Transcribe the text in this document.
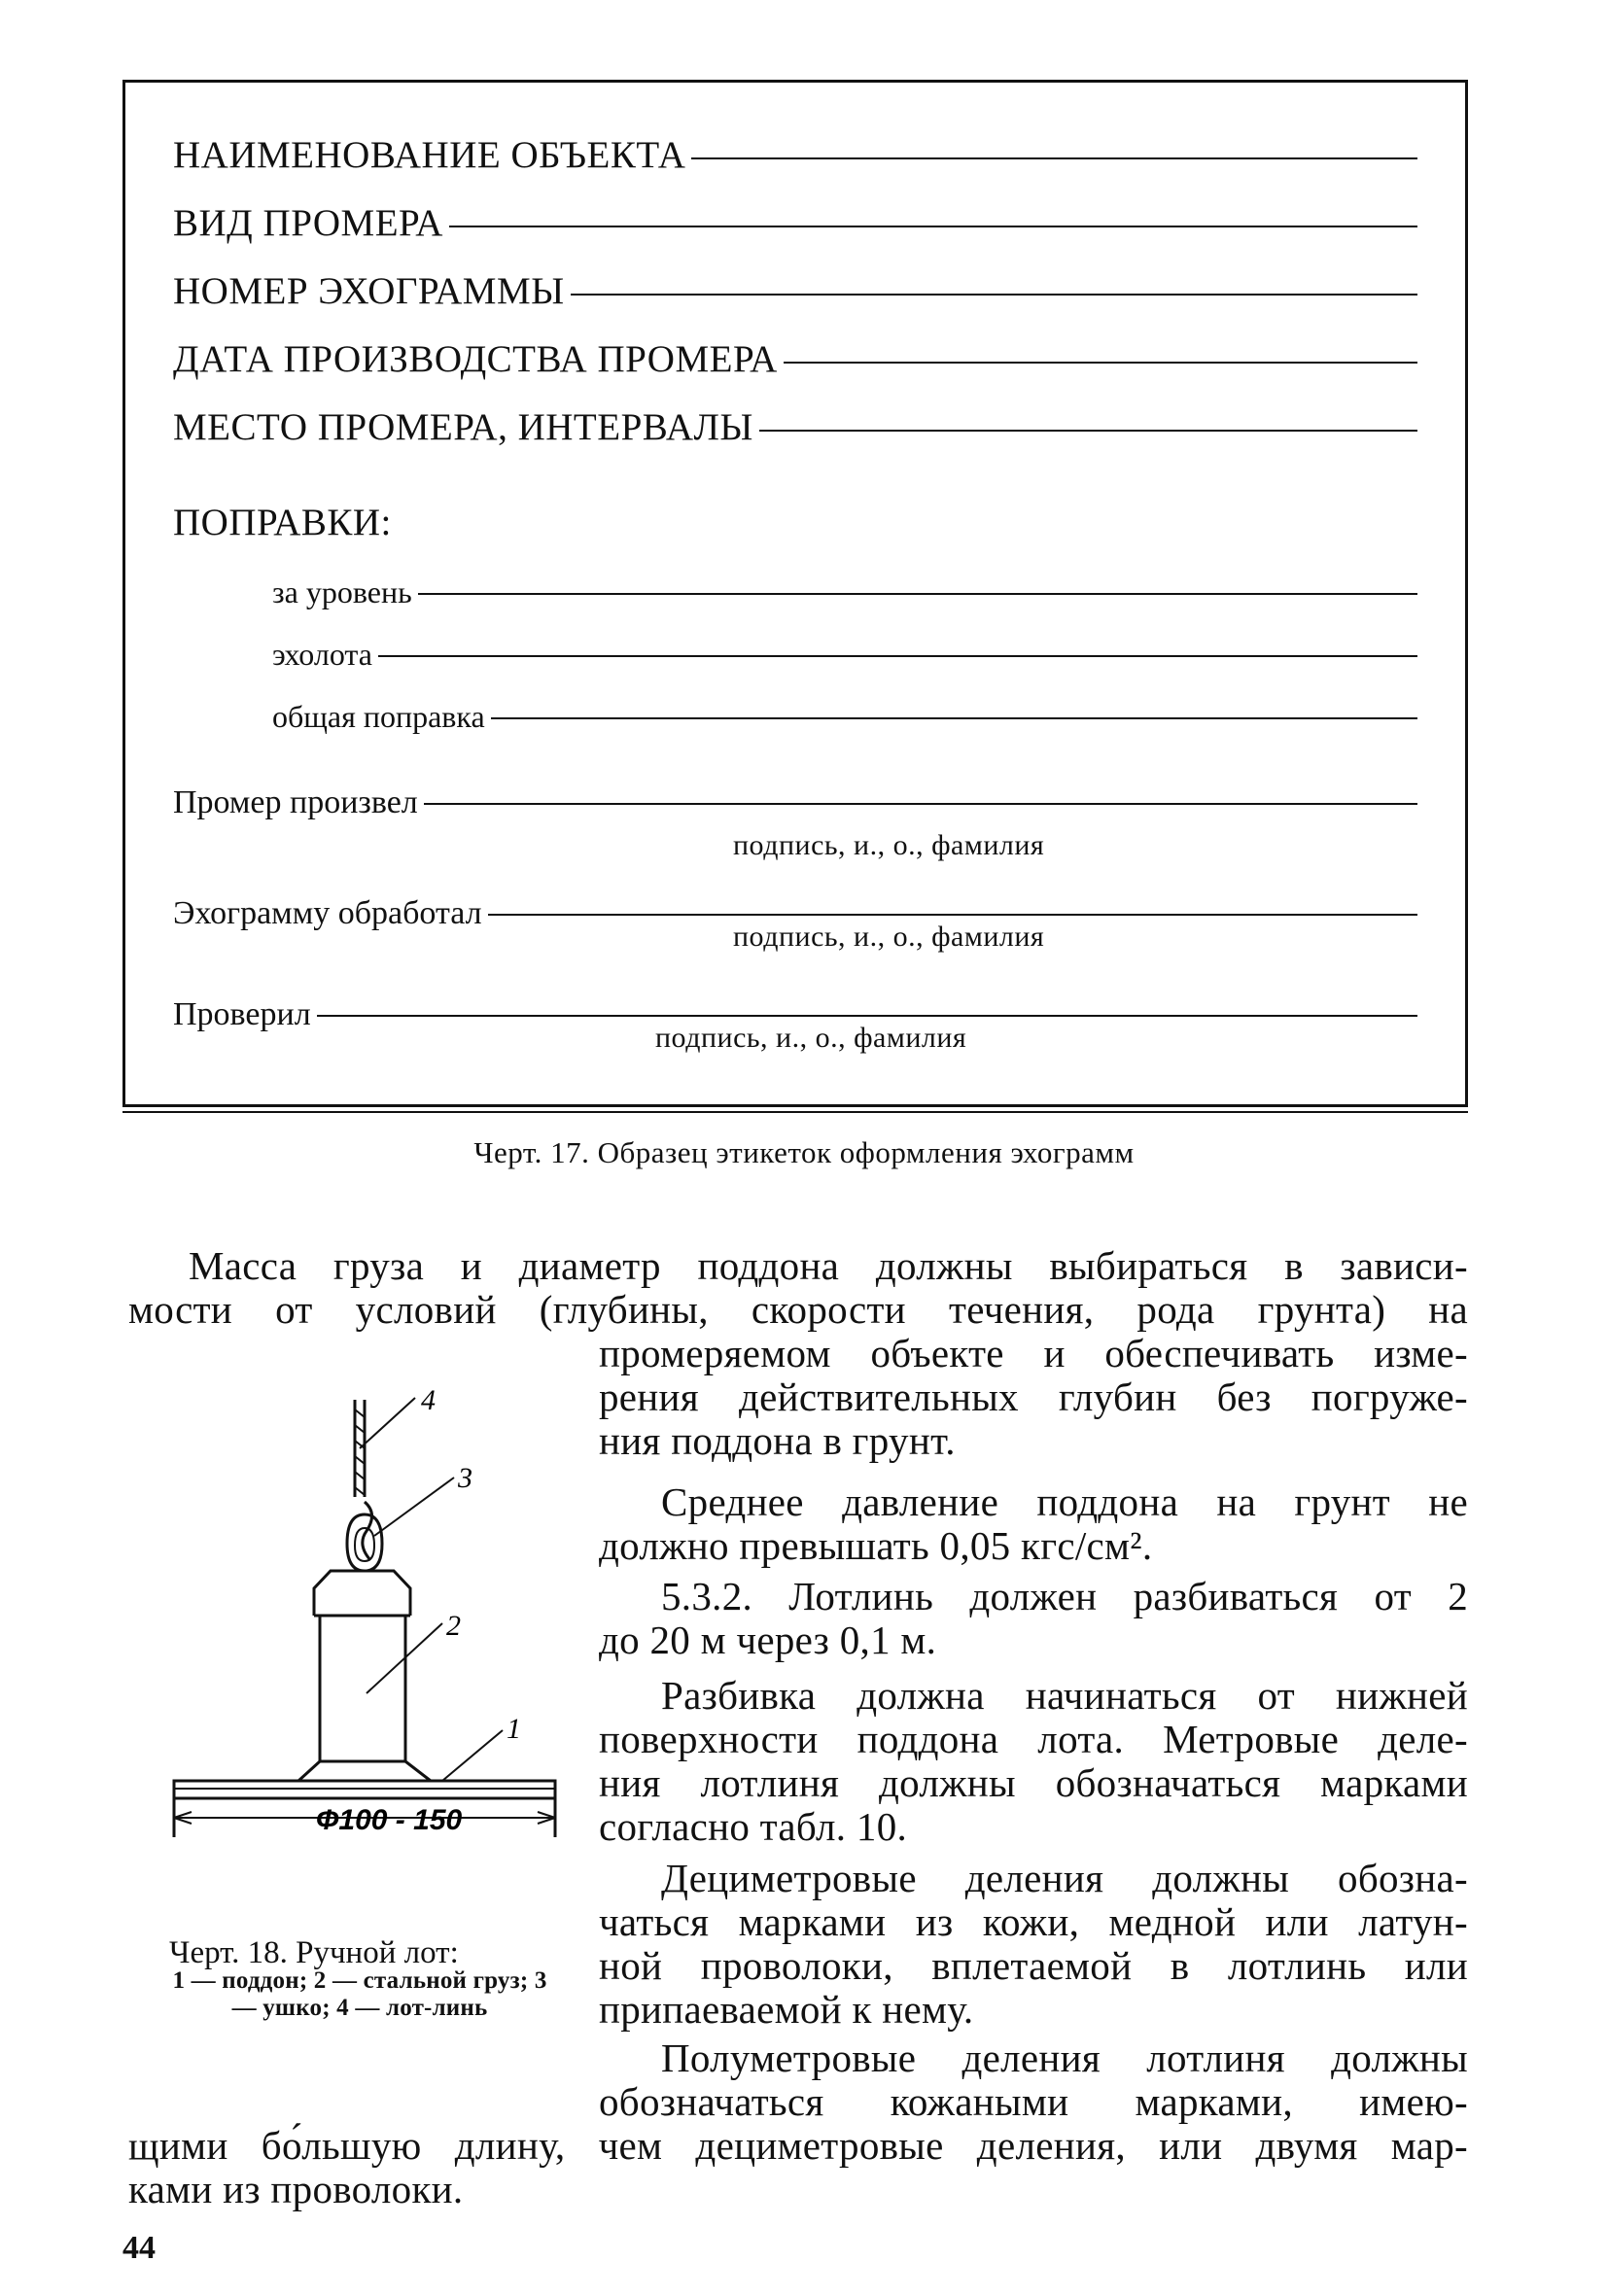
НАИМЕНОВАНИЕ ОБЪЕКТА
ВИД ПРОМЕРА
НОМЕР ЭХОГРАММЫ
ДАТА ПРОИЗВОДСТВА ПРОМЕРА
МЕСТО ПРОМЕРА, ИНТЕРВАЛЫ
ПОПРАВКИ:
за уровень
эхолота
общая поправка
Промер произвел
подпись, и., о., фамилия
Эхограмму обработал
подпись, и., о., фамилия
Проверил
подпись, и., о., фамилия
Черт. 17. Образец этикеток оформления эхограмм

Масса груза и диаметр поддона должны выбираться в зависи-
мости от условий (глубины, скорости течения, рода грунта) на

промеряемом объекте и обеспечивать изме-
рения действительных глубин без погруже-
ния поддона в грунт.

Среднее давление поддона на грунт не
должно превышать 0,05 кгс/см².

5.3.2. Лотлинь должен разбиваться от 2
до 20 м через 0,1 м.

Разбивка должна начинаться от нижней
поверхности поддона лота. Метровые деле-
ния лотлиня должны обозначаться марками
согласно табл. 10.

Дециметровые деления должны обозна-
чаться марками из кожи, медной или латун-
ной проволоки, вплетаемой в лотлинь или
припаеваемой к нему.

Полуметровые деления лотлиня должны
обозначаться кожаными марками, имею-

щими бо́льшую длину, чем дециметровые деления, или двумя мар-
ками из проволоки.

Ф100 - 150
4
3
2
1
Черт. 18. Ручной лот:
1 — поддон; 2 — стальной груз; 3 — ушко; 4 — лот-линь
44
